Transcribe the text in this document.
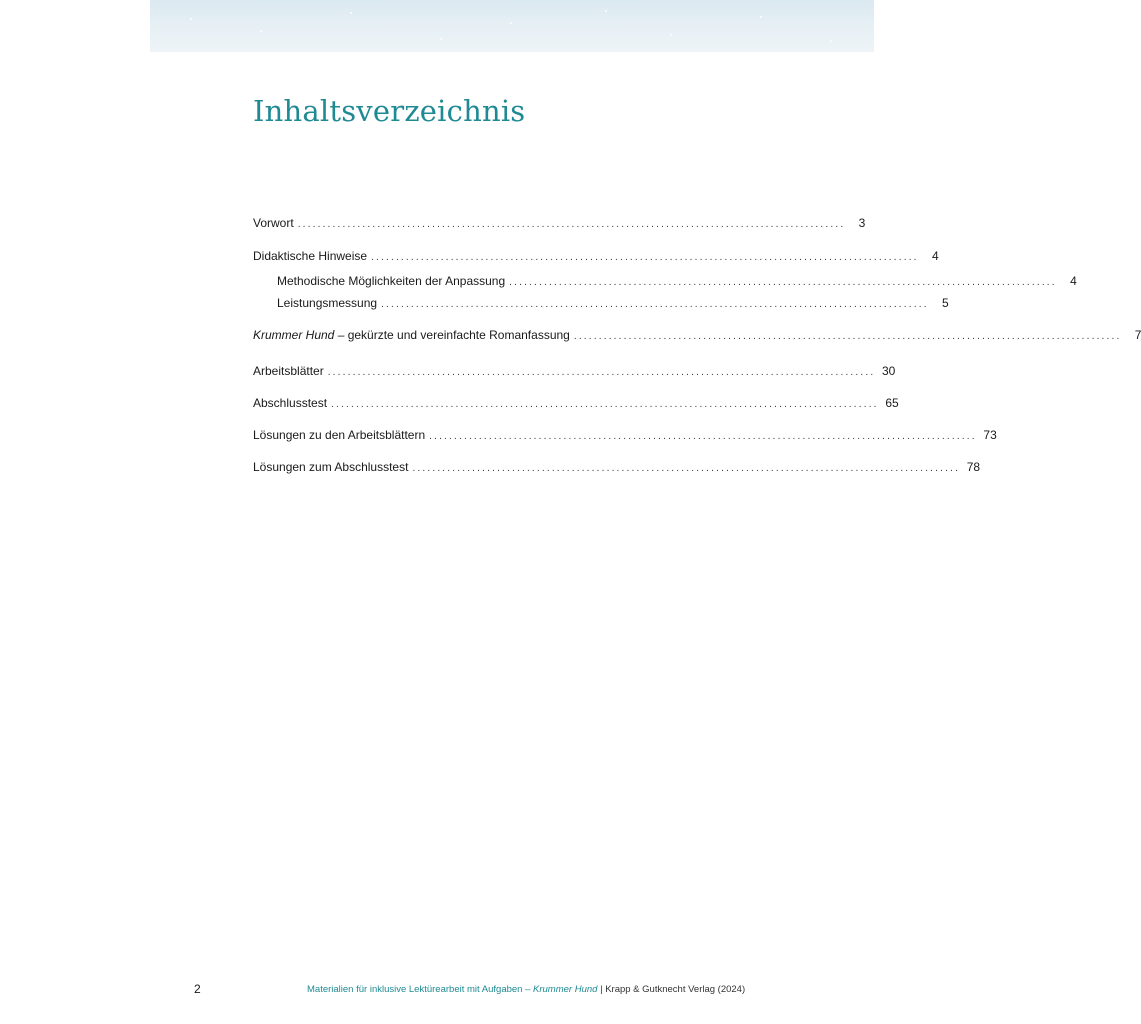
Inhaltsverzeichnis
Vorwort ..............................................................................................................	3
Didaktische Hinweise ..............................................................................................................	4
Methodische Möglichkeiten der Anpassung ..............................................................................................................	4
Leistungsmessung ..............................................................................................................	5
Krummer Hund – gekürzte und vereinfachte Romanfassung ..............................................................................................................	7
Arbeitsblätter .............................................................................................................. 30
Abschlusstest .............................................................................................................. 65
Lösungen zu den Arbeitsblättern .............................................................................................................. 73
Lösungen zum Abschlusstest .............................................................................................................. 78
2	Materialien für inklusive Lektürearbeit mit Aufgaben – Krummer Hund | Krapp & Gutknecht Verlag (2024)
